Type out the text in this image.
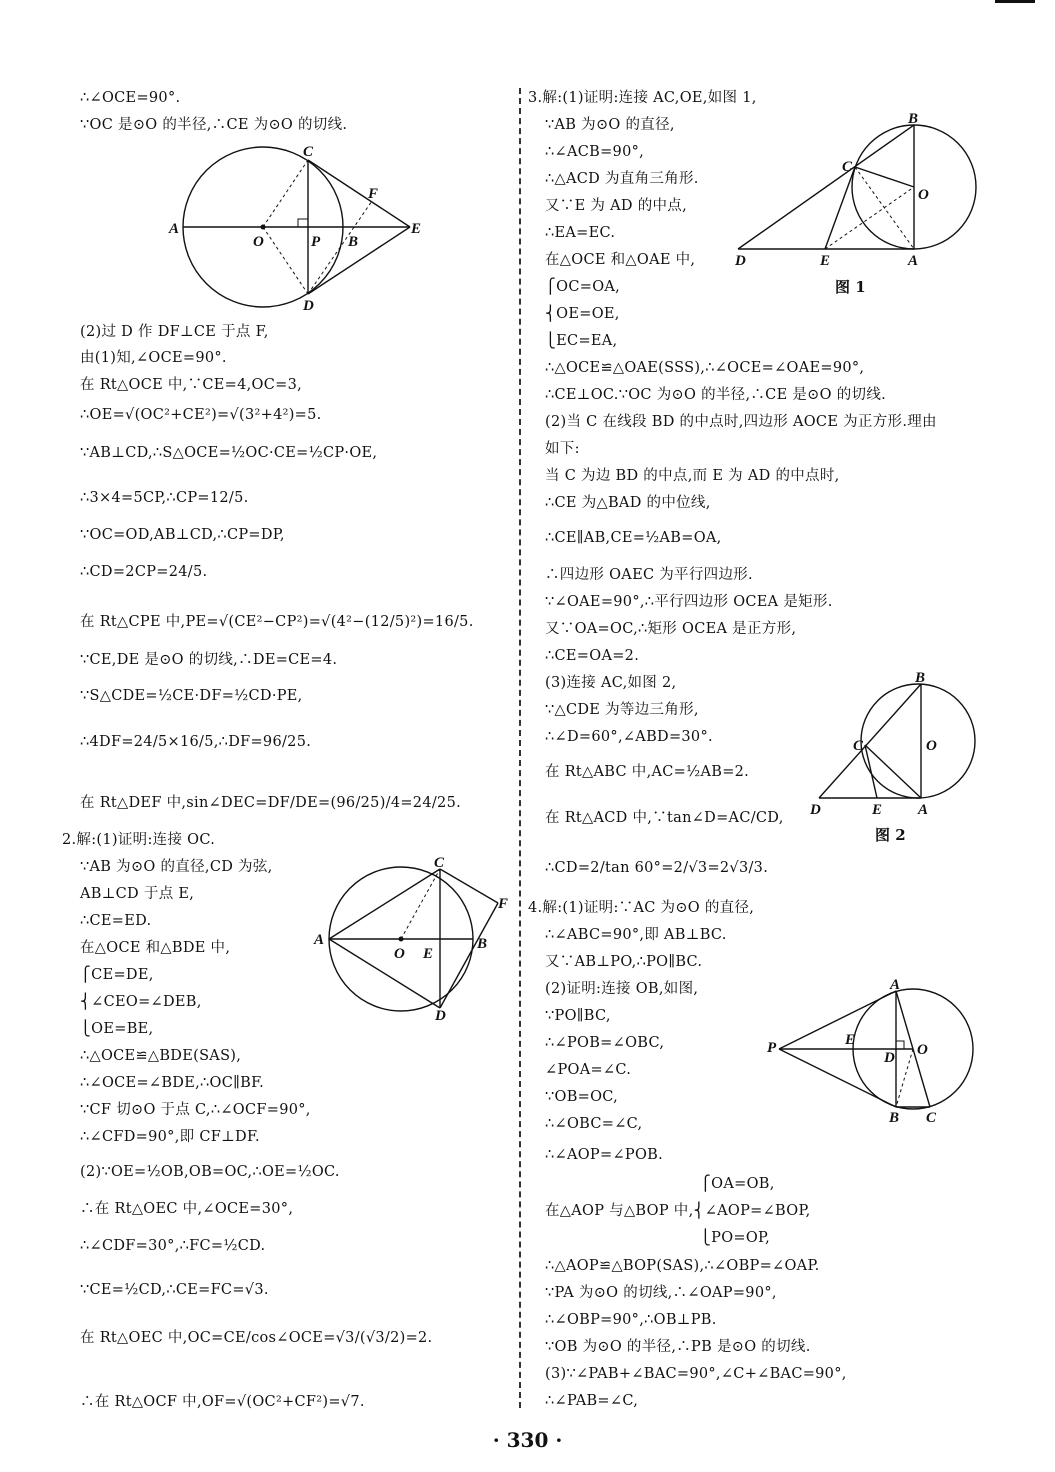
∴∠OCE=90°.
∵OC 是⊙O 的半径,∴CE 为⊙O 的切线.
(2)过 D 作 DF⊥CE 于点 F,
由(1)知,∠OCE=90°.
在 Rt△OCE 中,∵CE=4,OC=3,
∴OE=√(OC²+CE²)=√(3²+4²)=5.
∵AB⊥CD,∴S△OCE=½OC·CE=½CP·OE,
∴3×4=5CP,∴CP=12/5.
∵OC=OD,AB⊥CD,∴CP=DP,
∴CD=2CP=24/5.
在 Rt△CPE 中,PE=√(CE²−CP²)=√(4²−(12/5)²)=16/5.
∵CE,DE 是⊙O 的切线,∴DE=CE=4.
∵S△CDE=½CE·DF=½CD·PE,
∴4DF=24/5×16/5,∴DF=96/25.
在 Rt△DEF 中,sin∠DEC=DF/DE=(96/25)/4=24/25.
2.解:(1)证明:连接 OC.
∵AB 为⊙O 的直径,CD 为弦,
AB⊥CD 于点 E,
∴CE=ED.
在△OCE 和△BDE 中,
⎧CE=DE,
⎨∠CEO=∠DEB,
⎩OE=BE,
∴△OCE≌△BDE(SAS),
∴∠OCE=∠BDE,∴OC∥BF.
∵CF 切⊙O 于点 C,∴∠OCF=90°,
∴∠CFD=90°,即 CF⊥DF.
(2)∵OE=½OB,OB=OC,∴OE=½OC.
∴在 Rt△OEC 中,∠OCE=30°,
∴∠CDF=30°,∴FC=½CD.
∵CE=½CD,∴CE=FC=√3.
在 Rt△OEC 中,OC=CE/cos∠OCE=√3/(√3/2)=2.
∴在 Rt△OCF 中,OF=√(OC²+CF²)=√7.
3.解:(1)证明:连接 AC,OE,如图 1,
∵AB 为⊙O 的直径,
∴∠ACB=90°,
∴△ACD 为直角三角形.
又∵E 为 AD 的中点,
∴EA=EC.
在△OCE 和△OAE 中,
⎧OC=OA,
⎨OE=OE,
⎩EC=EA,
∴△OCE≌△OAE(SSS),∴∠OCE=∠OAE=90°,
∴CE⊥OC.∵OC 为⊙O 的半径,∴CE 是⊙O 的切线.
(2)当 C 在线段 BD 的中点时,四边形 AOCE 为正方形.理由
如下:
当 C 为边 BD 的中点,而 E 为 AD 的中点时,
∴CE 为△BAD 的中位线,
∴CE∥AB,CE=½AB=OA,
∴四边形 OAEC 为平行四边形.
∵∠OAE=90°,∴平行四边形 OCEA 是矩形.
又∵OA=OC,∴矩形 OCEA 是正方形,
∴CE=OA=2.
(3)连接 AC,如图 2,
∵△CDE 为等边三角形,
∴∠D=60°,∠ABD=30°.
在 Rt△ABC 中,AC=½AB=2.
在 Rt△ACD 中,∵tan∠D=AC/CD,
∴CD=2/tan 60°=2/√3=2√3/3.
4.解:(1)证明:∵AC 为⊙O 的直径,
∴∠ABC=90°,即 AB⊥BC.
又∵AB⊥PO,∴PO∥BC.
(2)证明:连接 OB,如图,
∵PO∥BC,
∴∠POB=∠OBC,
∠POA=∠C.
∵OB=OC,
∴∠OBC=∠C,
∴∠AOP=∠POB.
在△AOP 与△BOP 中,⎨∠AOP=∠BOP,
⎧OA=OB,
⎩PO=OP,
∴△AOP≌△BOP(SAS),∴∠OBP=∠OAP.
∵PA 为⊙O 的切线,∴∠OAP=90°,
∴∠OBP=90°,∴OB⊥PB.
∵OB 为⊙O 的半径,∴PB 是⊙O 的切线.
(3)∵∠PAB+∠BAC=90°,∠C+∠BAC=90°,
∴∠PAB=∠C,
A
O	P B
E
C
D
F
A
O E
B
C
D
F
B
C
O
D	E	A
图 1
B
C	O
D	E A
图 2
A
P	E
D O
B C
· 330 ·
